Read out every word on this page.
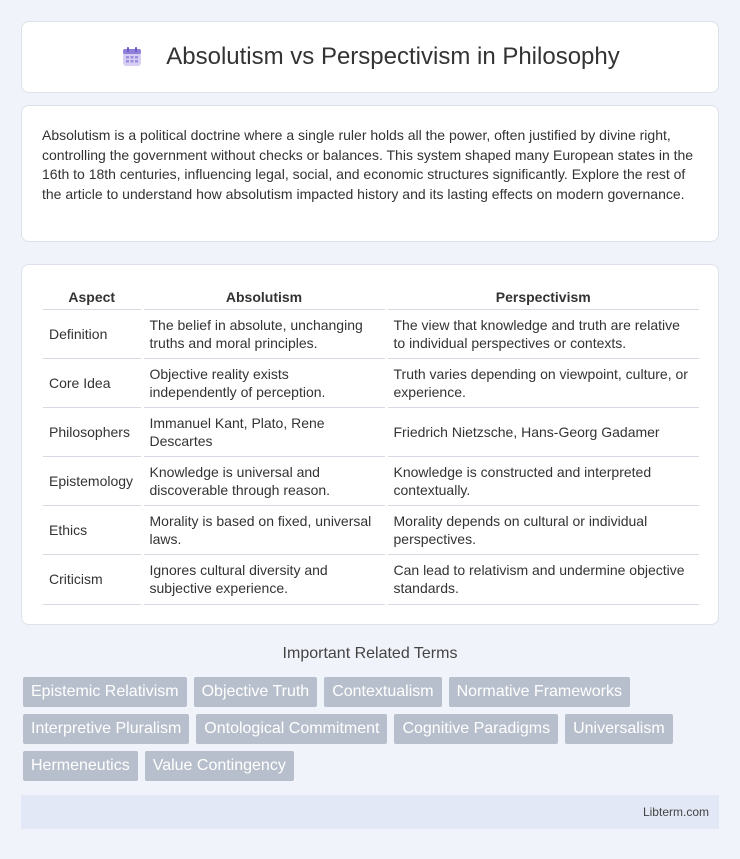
Absolutism vs Perspectivism in Philosophy

Absolutism is a political doctrine where a single ruler holds all the power, often justified by divine right, controlling the government without checks or balances. This system shaped many European states in the 16th to 18th centuries, influencing legal, social, and economic structures significantly. Explore the rest of the article to understand how absolutism impacted history and its lasting effects on modern governance.

Aspect	Absolutism	Perspectivism
Definition	The belief in absolute, unchanging truths and moral principles.	The view that knowledge and truth are relative to individual perspectives or contexts.
Core Idea	Objective reality exists independently of perception.	Truth varies depending on viewpoint, culture, or experience.
Philosophers	Immanuel Kant, Plato, Rene Descartes	Friedrich Nietzsche, Hans-Georg Gadamer
Epistemology	Knowledge is universal and discoverable through reason.	Knowledge is constructed and interpreted contextually.
Ethics	Morality is based on fixed, universal laws.	Morality depends on cultural or individual perspectives.
Criticism	Ignores cultural diversity and subjective experience.	Can lead to relativism and undermine objective standards.
Important Related Terms
Epistemic Relativism	Objective Truth	Contextualism	Normative Frameworks
Interpretive Pluralism	Ontological Commitment	Cognitive Paradigms	Universalism
Hermeneutics	Value Contingency
Libterm.com
